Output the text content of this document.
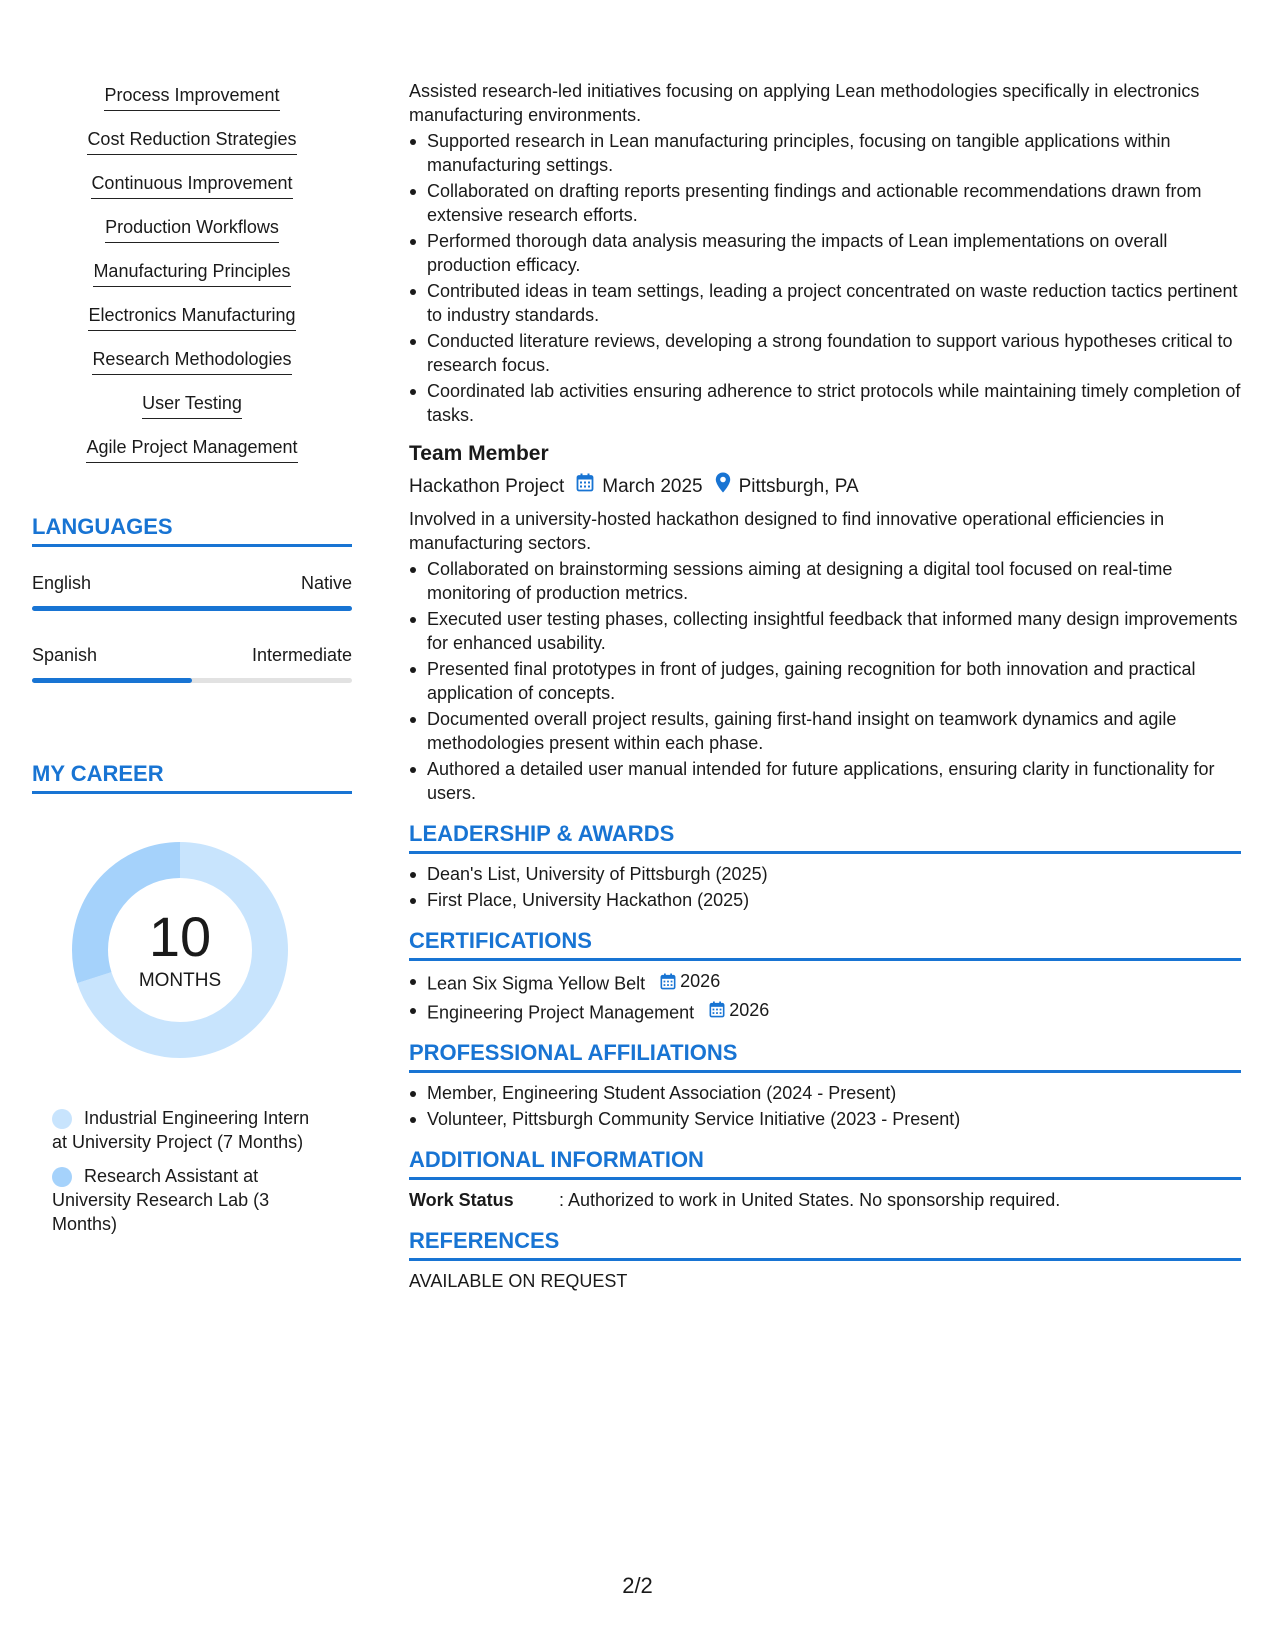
Process Improvement
Cost Reduction Strategies
Continuous Improvement
Production Workflows
Manufacturing Principles
Electronics Manufacturing
Research Methodologies
User Testing
Agile Project Management
LANGUAGES
English	Native
Spanish	Intermediate
MY CAREER
10
MONTHS
Industrial Engineering Intern at University Project (7 Months)
Research Assistant at University Research Lab (3 Months)

Assisted research-led initiatives focusing on applying Lean methodologies specifically in electronics manufacturing environments.

Supported research in Lean manufacturing principles, focusing on tangible applications within manufacturing settings.
Collaborated on drafting reports presenting findings and actionable recommendations drawn from extensive research efforts.
Performed thorough data analysis measuring the impacts of Lean implementations on overall production efficacy.
Contributed ideas in team settings, leading a project concentrated on waste reduction tactics pertinent to industry standards.
Conducted literature reviews, developing a strong foundation to support various hypotheses critical to research focus.
Coordinated lab activities ensuring adherence to strict protocols while maintaining timely completion of tasks.
Team Member
Hackathon Project March 2025 Pittsburgh, PA

Involved in a university-hosted hackathon designed to find innovative operational efficiencies in manufacturing sectors.

Collaborated on brainstorming sessions aiming at designing a digital tool focused on real-time monitoring of production metrics.
Executed user testing phases, collecting insightful feedback that informed many design improvements for enhanced usability.
Presented final prototypes in front of judges, gaining recognition for both innovation and practical application of concepts.
Documented overall project results, gaining first-hand insight on teamwork dynamics and agile methodologies present within each phase.
Authored a detailed user manual intended for future applications, ensuring clarity in functionality for users.
LEADERSHIP & AWARDS
Dean's List, University of Pittsburgh (2025)
First Place, University Hackathon (2025)
CERTIFICATIONS
Lean Six Sigma Yellow Belt 2026
Engineering Project Management 2026
PROFESSIONAL AFFILIATIONS
Member, Engineering Student Association (2024 - Present)
Volunteer, Pittsburgh Community Service Initiative (2023 - Present)
ADDITIONAL INFORMATION
Work Status	: Authorized to work in United States. No sponsorship required.
REFERENCES

AVAILABLE ON REQUEST

2/2
